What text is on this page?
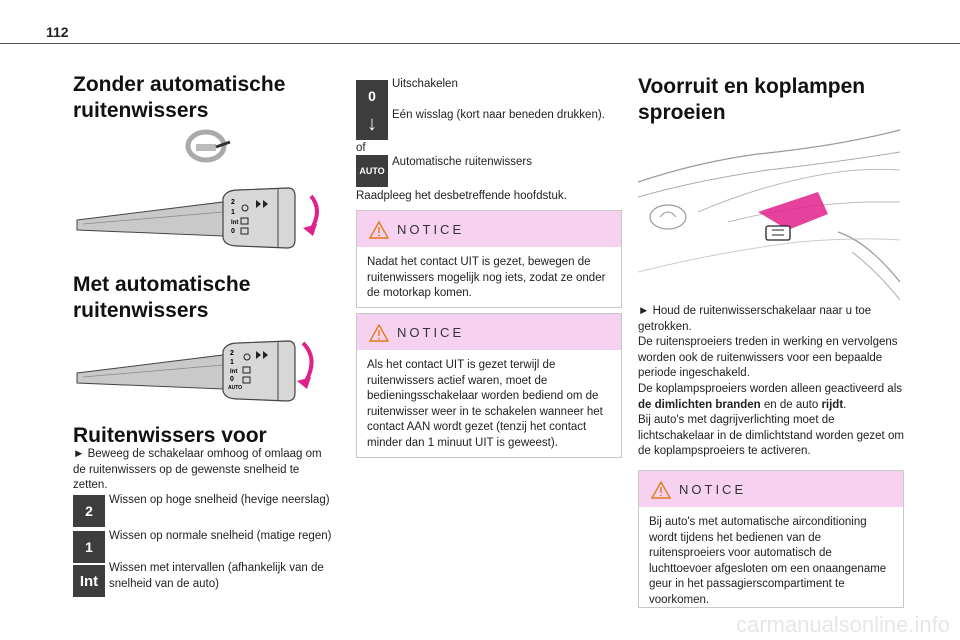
112
Zonder automatische ruitenwissers
2
1
Int
0
Met automatische ruitenwissers
2
1
Int
0
AUTO
Ruitenwissers voor
► Beweeg de schakelaar omhoog of omlaag om de ruitenwissers op de gewenste snelheid te zetten.
2
Wissen op hoge snelheid (hevige neerslag)
1
Wissen op normale snelheid (matige regen)
Int
Wissen met intervallen (afhankelijk van de snelheid van de auto)
0
Uitschakelen
↓	Eén wisslag (kort naar beneden drukken).
of
AUTO
Automatische ruitenwissers
Raadpleeg het desbetreffende hoofdstuk.
NOTICE
Nadat het contact UIT is gezet, bewegen de ruitenwissers mogelijk nog iets, zodat ze onder de motorkap komen.
NOTICE
Als het contact UIT is gezet terwijl de ruitenwissers actief waren, moet de bedieningsschakelaar worden bediend om de ruitenwisser weer in te schakelen wanneer het contact AAN wordt gezet (tenzij het contact minder dan 1 minuut UIT is geweest).
Voorruit en koplampen sproeien
► Houd de ruitenwisserschakelaar naar u toe getrokken.
De ruitensproeiers treden in werking en vervolgens worden ook de ruitenwissers voor een bepaalde periode ingeschakeld.
De koplampsproeiers worden alleen geactiveerd als de dimlichten branden en de auto rijdt.
Bij auto's met dagrijverlichting moet de lichtschakelaar in de dimlichtstand worden gezet om de koplampsproeiers te activeren.
NOTICE
Bij auto's met automatische airconditioning wordt tijdens het bedienen van de ruitensproeiers voor automatisch de luchttoevoer afgesloten om een onaangename geur in het passagierscompartiment te voorkomen.
carmanualsonline.info
